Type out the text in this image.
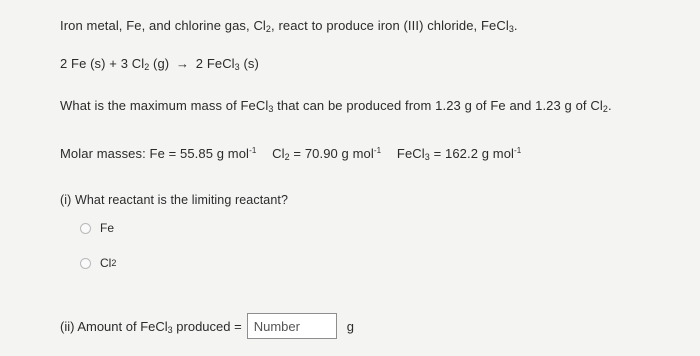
Iron metal, Fe, and chlorine gas, $Cl_2$, react to produce iron (III) chloride, FeCl$_3$.
2 Fe (s) + 3 $Cl_2$ (g) → 2 FeCl$_3$ (s)
What is the maximum mass of FeCl$_3$ that can be produced from 1.23 g of Fe and 1.23 g of $Cl_2$.
Molar masses: Fe = 55.85 g mol$^{-1}$ $Cl_2 = 70.90$ g mol$^{-1}$ FeCl$_3$ = 162.2 g mol$^{-1}$
(i) What reactant is the limiting reactant?
Fe
Cl 2
(ii) Amount of FeCl$_3$ produced =
Number	g
